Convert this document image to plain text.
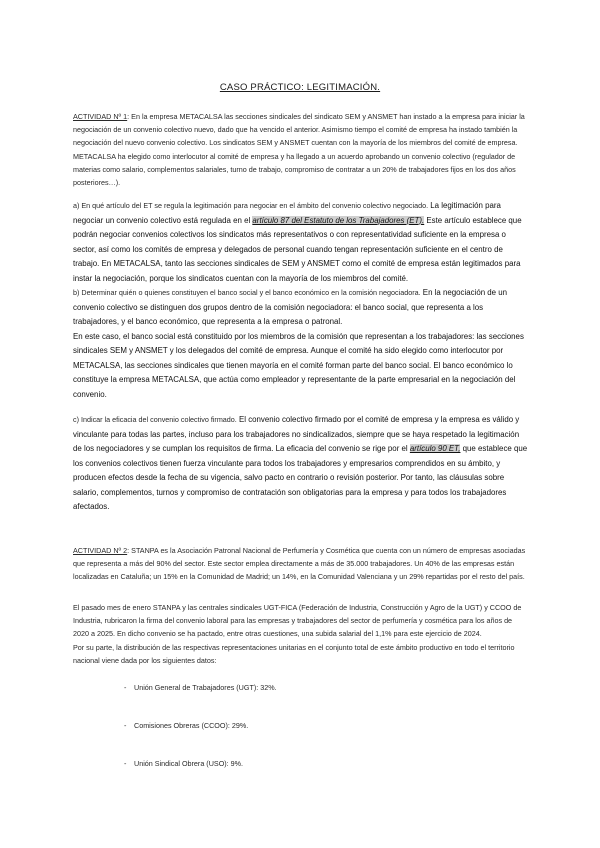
CASO PRÁCTICO: LEGITIMACIÓN.

ACTIVIDAD Nº 1: En la empresa METACALSA las secciones sindicales del sindicato SEM y ANSMET han instado a la empresa para iniciar la negociación de un convenio colectivo nuevo, dado que ha vencido el anterior. Asimismo tiempo el comité de empresa ha instado también la negociación del nuevo convenio colectivo. Los sindicatos SEM y ANSMET cuentan con la mayoría de los miembros del comité de empresa. METACALSA ha elegido como interlocutor al comité de empresa y ha llegado a un acuerdo aprobando un convenio colectivo (regulador de materias como salario, complementos salariales, turno de trabajo, compromiso de contratar a un 20% de trabajadores fijos en los dos años posteriores…).

a) En qué artículo del ET se regula la legitimación para negociar en el ámbito del convenio colectivo negociado. La legitimación para negociar un convenio colectivo está regulada en el artículo 87 del Estatuto de los Trabajadores (ET). Este artículo establece que podrán negociar convenios colectivos los sindicatos más representativos o con representatividad suficiente en la empresa o sector, así como los comités de empresa y delegados de personal cuando tengan representación suficiente en el centro de trabajo. En METACALSA, tanto las secciones sindicales de SEM y ANSMET como el comité de empresa están legitimados para instar la negociación, porque los sindicatos cuentan con la mayoría de los miembros del comité.

b) Determinar quién o quienes constituyen el banco social y el banco económico en la comisión negociadora. En la negociación de un convenio colectivo se distinguen dos grupos dentro de la comisión negociadora: el banco social, que representa a los trabajadores, y el banco económico, que representa a la empresa o patronal.
En este caso, el banco social está constituido por los miembros de la comisión que representan a los trabajadores: las secciones sindicales SEM y ANSMET y los delegados del comité de empresa. Aunque el comité ha sido elegido como interlocutor por METACALSA, las secciones sindicales que tienen mayoría en el comité forman parte del banco social. El banco económico lo constituye la empresa METACALSA, que actúa como empleador y representante de la parte empresarial en la negociación del convenio.

c) Indicar la eficacia del convenio colectivo firmado. El convenio colectivo firmado por el comité de empresa y la empresa es válido y vinculante para todas las partes, incluso para los trabajadores no sindicalizados, siempre que se haya respetado la legitimación de los negociadores y se cumplan los requisitos de firma. La eficacia del convenio se rige por el artículo 90 ET, que establece que los convenios colectivos tienen fuerza vinculante para todos los trabajadores y empresarios comprendidos en su ámbito, y producen efectos desde la fecha de su vigencia, salvo pacto en contrario o revisión posterior. Por tanto, las cláusulas sobre salario, complementos, turnos y compromiso de contratación son obligatorias para la empresa y para todos los trabajadores afectados.

ACTIVIDAD Nº 2: STANPA es la Asociación Patronal Nacional de Perfumería y Cosmética que cuenta con un número de empresas asociadas que representa a más del 90% del sector. Este sector emplea directamente a más de 35.000 trabajadores. Un 40% de las empresas están localizadas en Cataluña; un 15% en la Comunidad de Madrid; un 14%, en la Comunidad Valenciana y un 29% repartidas por el resto del país.

El pasado mes de enero STANPA y las centrales sindicales UGT-FICA (Federación de Industria, Construcción y Agro de la UGT) y CCOO de Industria, rubricaron la firma del convenio laboral para las empresas y trabajadores del sector de perfumería y cosmética para los años de 2020 a 2025. En dicho convenio se ha pactado, entre otras cuestiones, una subida salarial del 1,1% para este ejercicio de 2024.

Por su parte, la distribución de las respectivas representaciones unitarias en el conjunto total de este ámbito productivo en todo el territorio nacional viene dada por los siguientes datos:

- Unión General de Trabajadores (UGT): 32%.
- Comisiones Obreras (CCOO): 29%.
- Unión Sindical Obrera (USO): 9%.
